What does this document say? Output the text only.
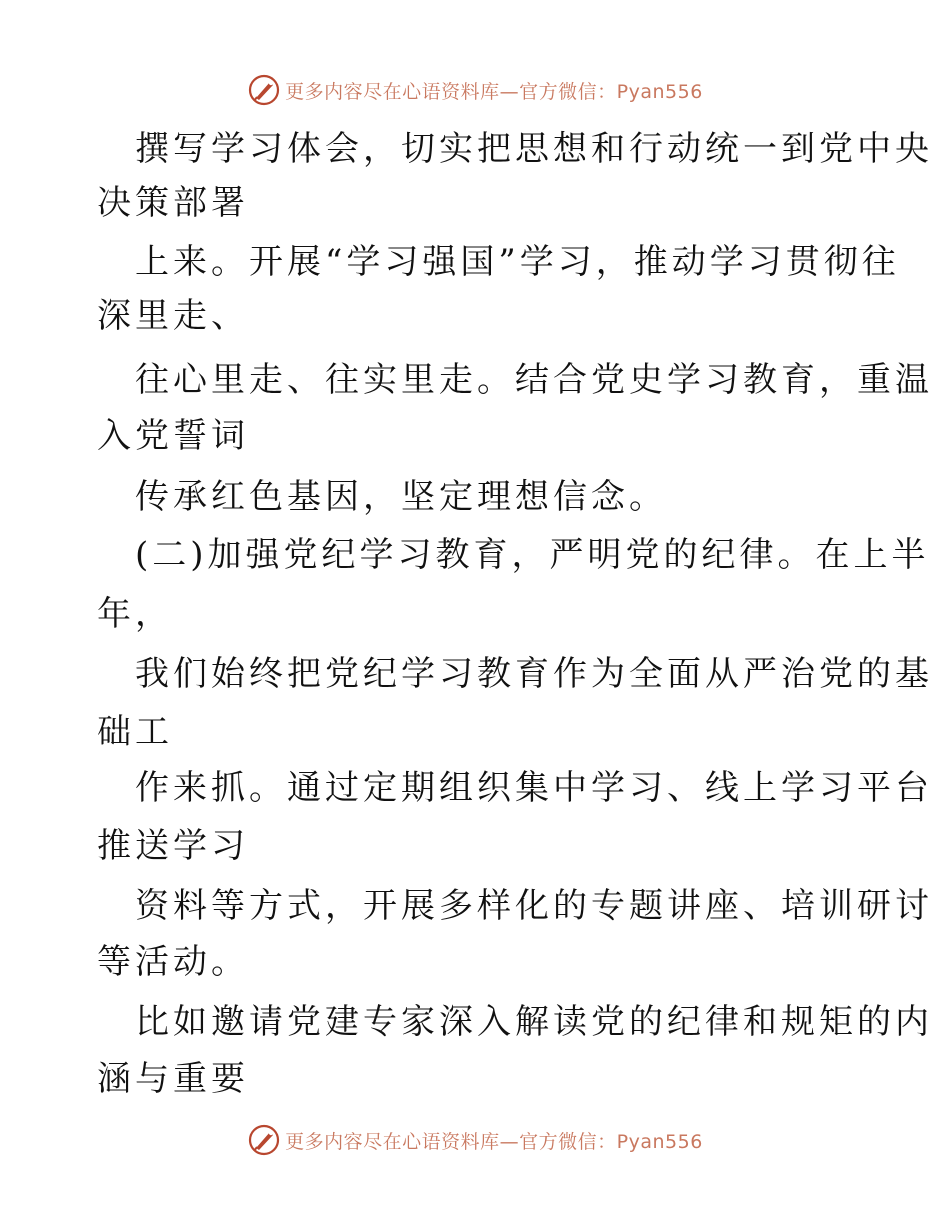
更多内容尽在心语资料库—官方微信：Pyan556
撰写学习体会，切实把思想和行动统一到党中央
决策部署
上来。开展“学习强国”学习，推动学习贯彻往
深里走、
往心里走、往实里走。结合党史学习教育，重温
入党誓词
传承红色基因，坚定理想信念。
(二)加强党纪学习教育，严明党的纪律。在上半
年，
我们始终把党纪学习教育作为全面从严治党的基
础工
作来抓。通过定期组织集中学习、线上学习平台
推送学习
资料等方式，开展多样化的专题讲座、培训研讨
等活动。
比如邀请党建专家深入解读党的纪律和规矩的内
涵与重要
更多内容尽在心语资料库—官方微信：Pyan556
